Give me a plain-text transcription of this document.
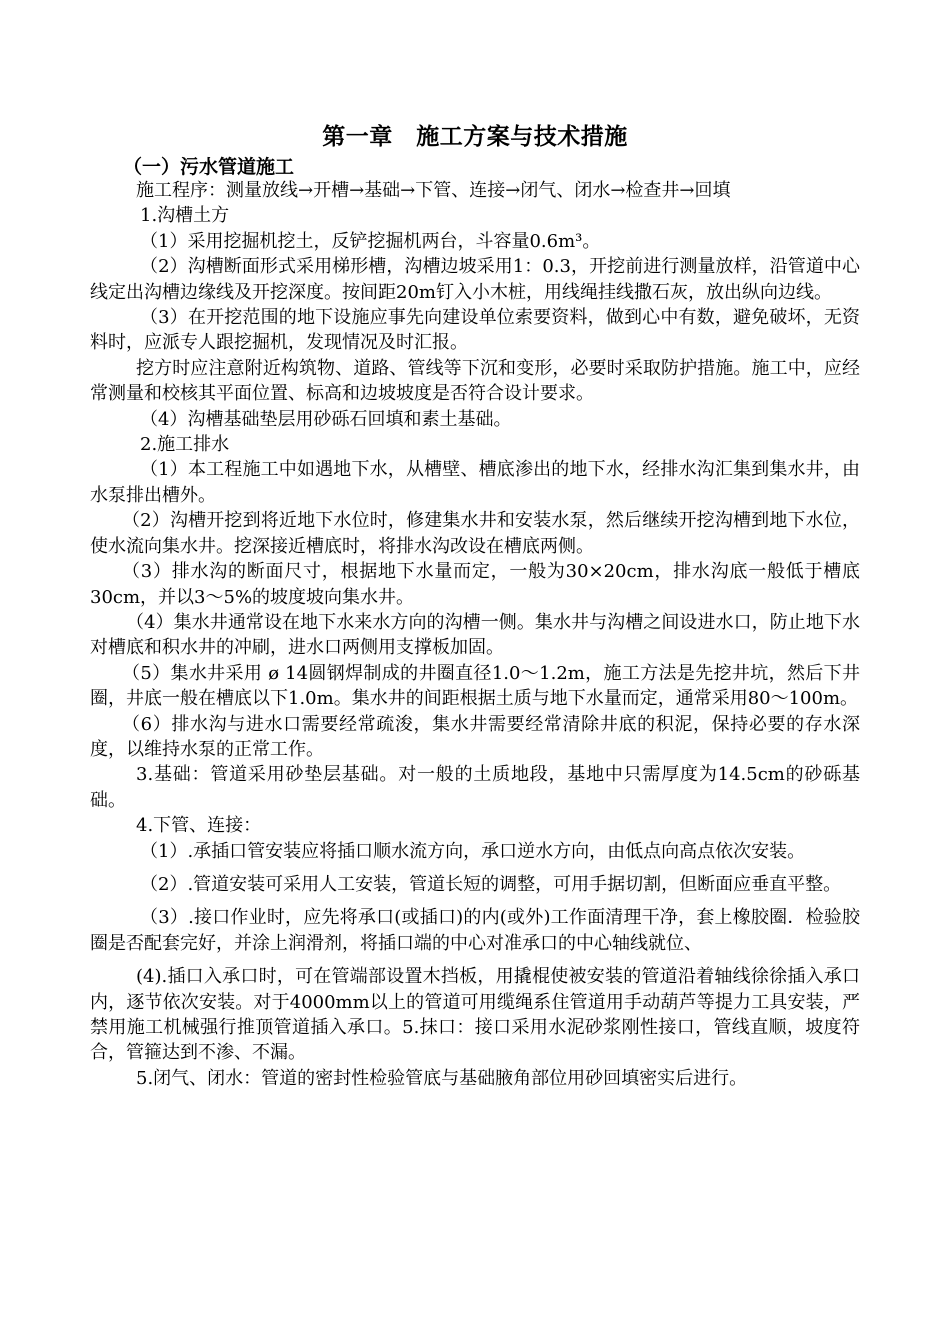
第一章　施工方案与技术措施
（一）污水管道施工

施工程序：测量放线→开槽→基础→下管、连接→闭气、闭水→检查井→回填

1.沟槽土方

（1）采用挖掘机挖土，反铲挖掘机两台，斗容量0.6m³。

（2）沟槽断面形式采用梯形槽，沟槽边坡采用1：0.3，开挖前进行测量放样，沿管道中心线定出沟槽边缘线及开挖深度。按间距20m钉入小木桩，用线绳挂线撒石灰，放出纵向边线。

（3）在开挖范围的地下设施应事先向建设单位索要资料，做到心中有数，避免破坏，无资料时，应派专人跟挖掘机，发现情况及时汇报。

挖方时应注意附近构筑物、道路、管线等下沉和变形，必要时采取防护措施。施工中，应经常测量和校核其平面位置、标高和边坡坡度是否符合设计要求。

（4）沟槽基础垫层用砂砾石回填和素土基础。

2.施工排水

（1）本工程施工中如遇地下水，从槽壁、槽底渗出的地下水，经排水沟汇集到集水井，由水泵排出槽外。

（2）沟槽开挖到将近地下水位时，修建集水井和安装水泵，然后继续开挖沟槽到地下水位，使水流向集水井。挖深接近槽底时，将排水沟改设在槽底两侧。

（3）排水沟的断面尺寸，根据地下水量而定，一般为30×20cm，排水沟底一般低于槽底30cm，并以3～5%的坡度坡向集水井。

（4）集水井通常设在地下水来水方向的沟槽一侧。集水井与沟槽之间设进水口，防止地下水对槽底和积水井的冲刷，进水口两侧用支撑板加固。

（5）集水井采用 ø 14圆钢焊制成的井圈直径1.0～1.2m，施工方法是先挖井坑，然后下井圈，井底一般在槽底以下1.0m。集水井的间距根据土质与地下水量而定，通常采用80～100m。

（6）排水沟与进水口需要经常疏浚，集水井需要经常清除井底的积泥，保持必要的存水深度，以维持水泵的正常工作。

3.基础：管道采用砂垫层基础。对一般的土质地段，基地中只需厚度为14.5cm的砂砾基础。

4.下管、连接：

（1）.承插口管安装应将插口顺水流方向，承口逆水方向，由低点向高点依次安装。

（2）.管道安装可采用人工安装，管道长短的调整，可用手据切割，但断面应垂直平整。

（3）.接口作业时，应先将承口(或插口)的内(或外)工作面清理干净，套上橡胶圈．检验胶圈是否配套完好，并涂上润滑剂，将插口端的中心对准承口的中心轴线就位、

(4).插口入承口时，可在管端部设置木挡板，用撬棍使被安装的管道沿着轴线徐徐插入承口内，逐节依次安装。对于4000mm以上的管道可用缆绳系住管道用手动葫芦等提力工具安装，严禁用施工机械强行推顶管道插入承口。5.抹口：接口采用水泥砂浆刚性接口，管线直顺，坡度符合，管箍达到不渗、不漏。

5.闭气、闭水：管道的密封性检验管底与基础腋角部位用砂回填密实后进行。
